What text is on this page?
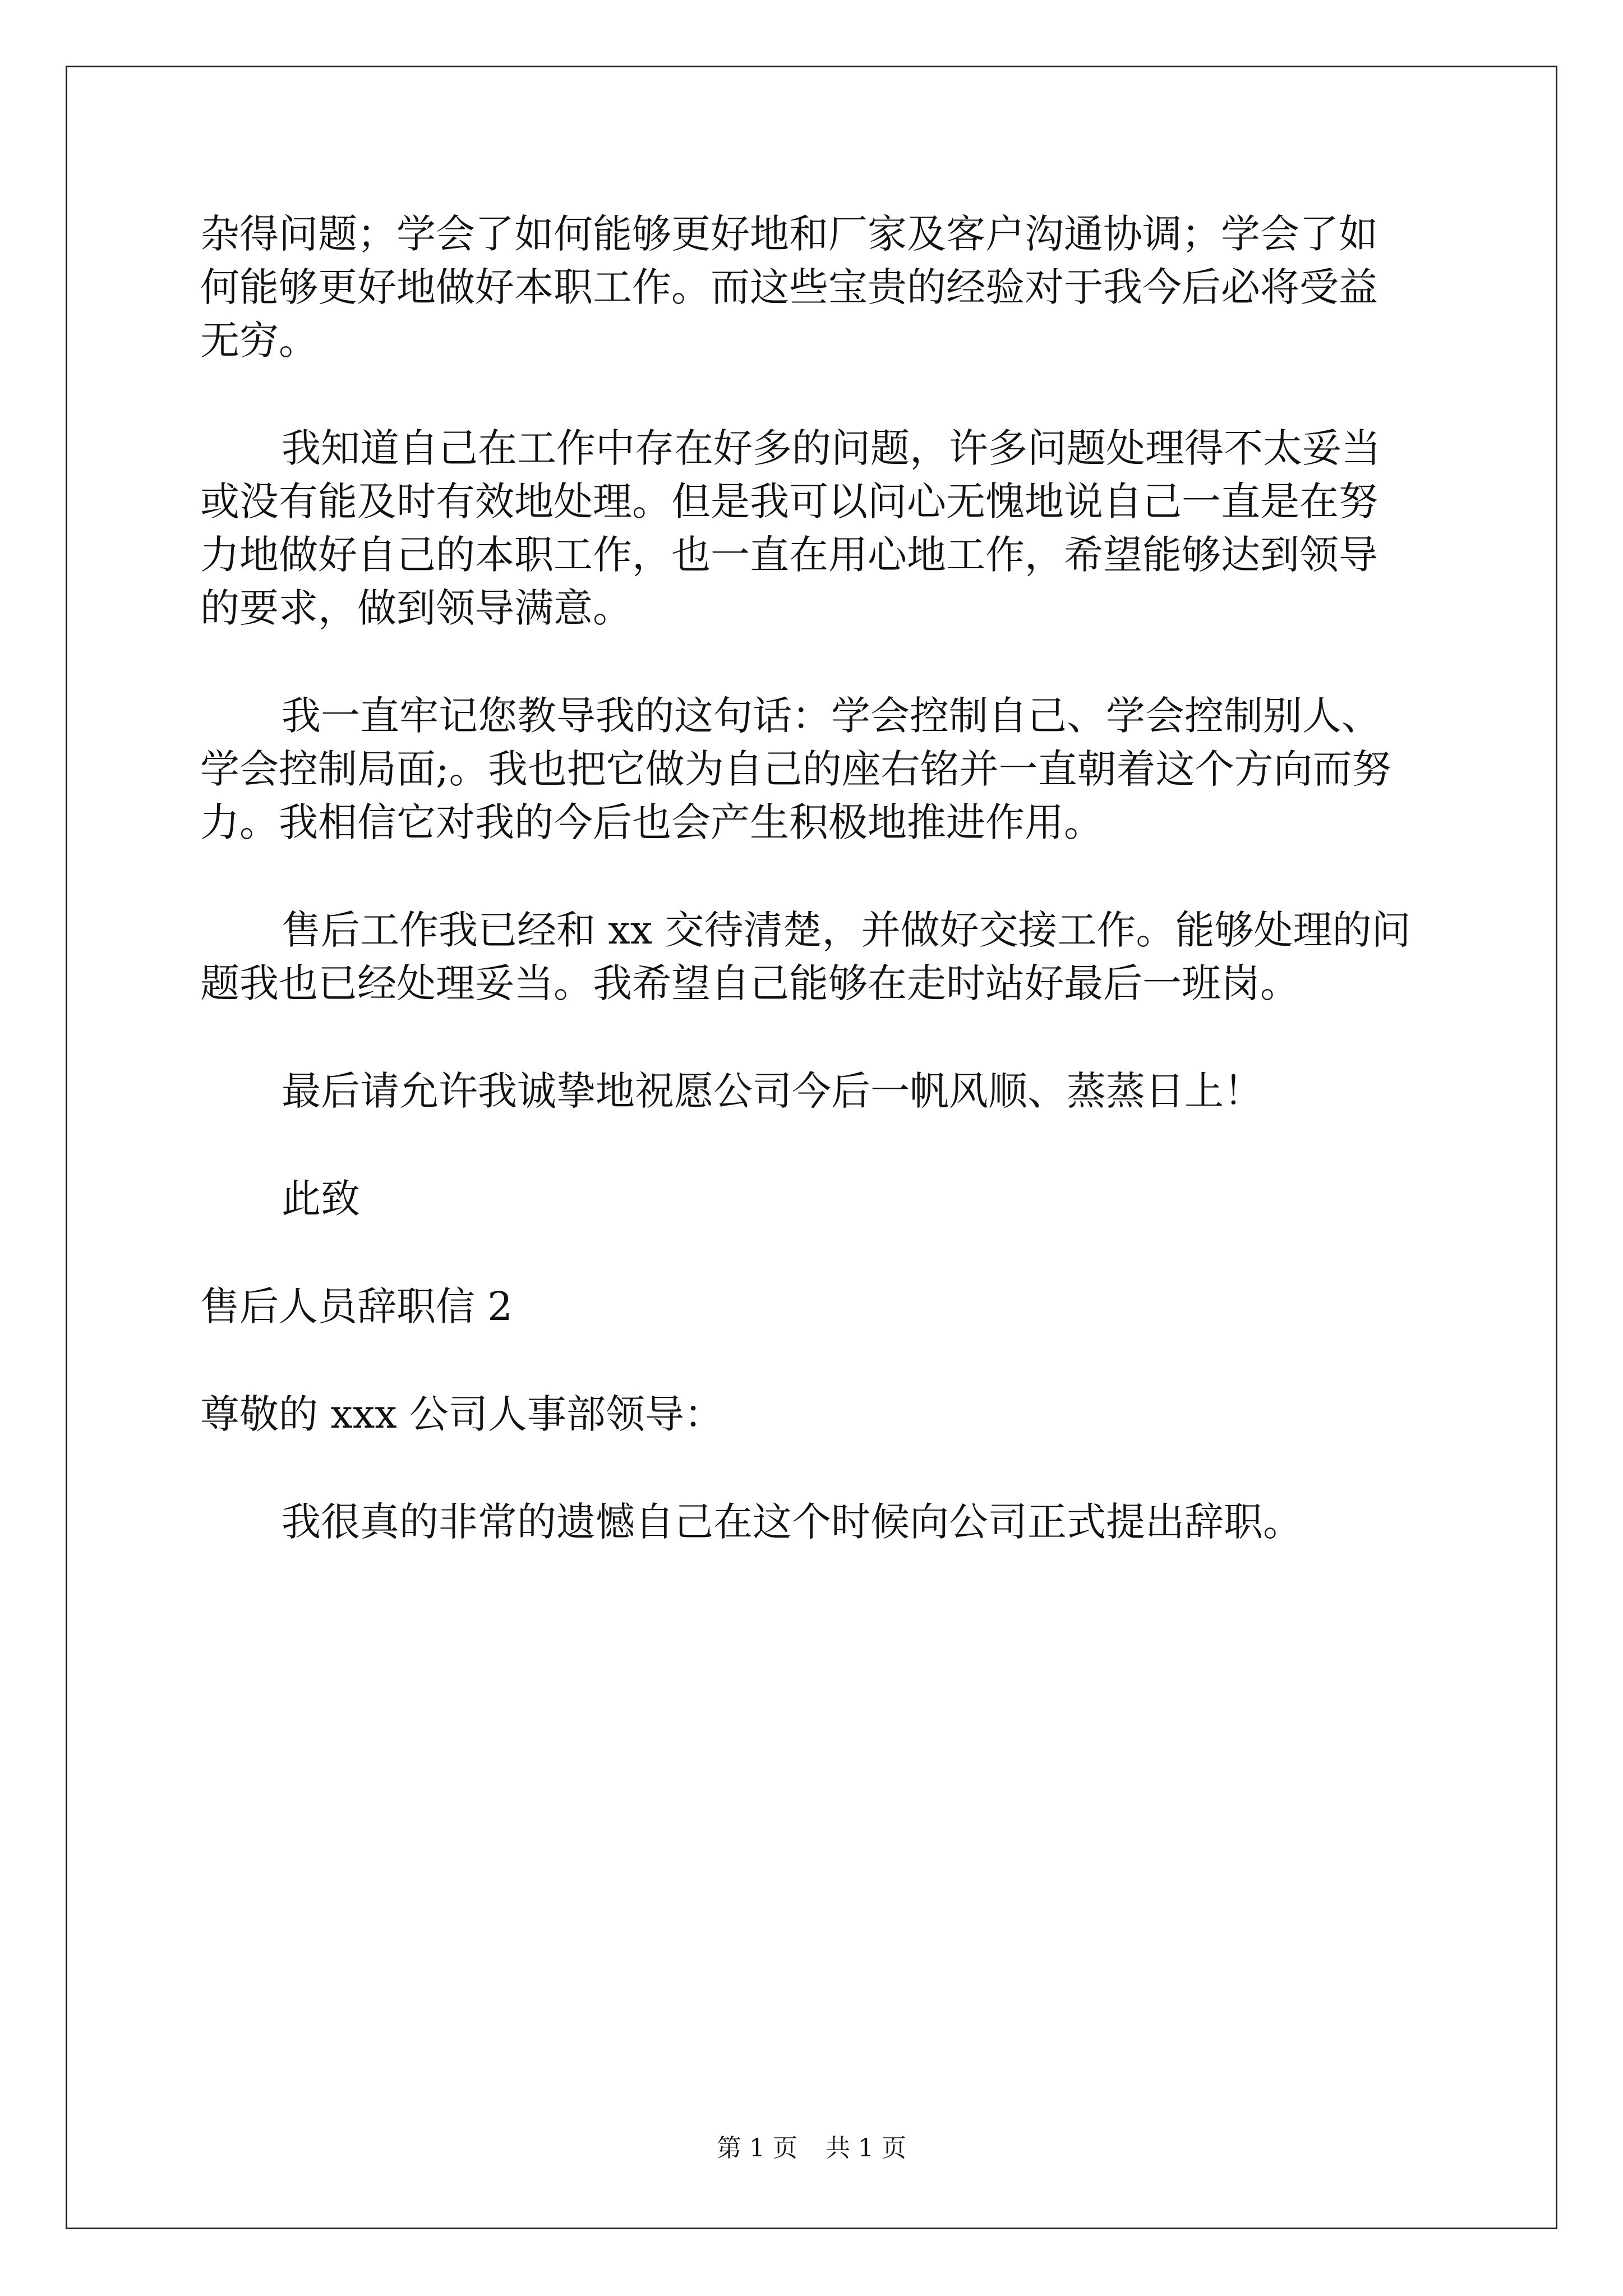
杂得问题；学会了如何能够更好地和厂家及客户沟通协调；学会了如

何能够更好地做好本职工作。而这些宝贵的经验对于我今后必将受益

无穷。

我知道自己在工作中存在好多的问题，许多问题处理得不太妥当

或没有能及时有效地处理。但是我可以问心无愧地说自己一直是在努

力地做好自己的本职工作，也一直在用心地工作，希望能够达到领导

的要求，做到领导满意。

我一直牢记您教导我的这句话：学会控制自己、学会控制别人、

学会控制局面;。我也把它做为自己的座右铭并一直朝着这个方向而努

力。我相信它对我的今后也会产生积极地推进作用。

售后工作我已经和 xx 交待清楚，并做好交接工作。能够处理的问

题我也已经处理妥当。我希望自己能够在走时站好最后一班岗。

最后请允许我诚挚地祝愿公司今后一帆风顺、蒸蒸日上！

此致

售后人员辞职信 2

尊敬的 xxx 公司人事部领导：

我很真的非常的遗憾自己在这个时候向公司正式提出辞职。

第 1 页 共 1 页
